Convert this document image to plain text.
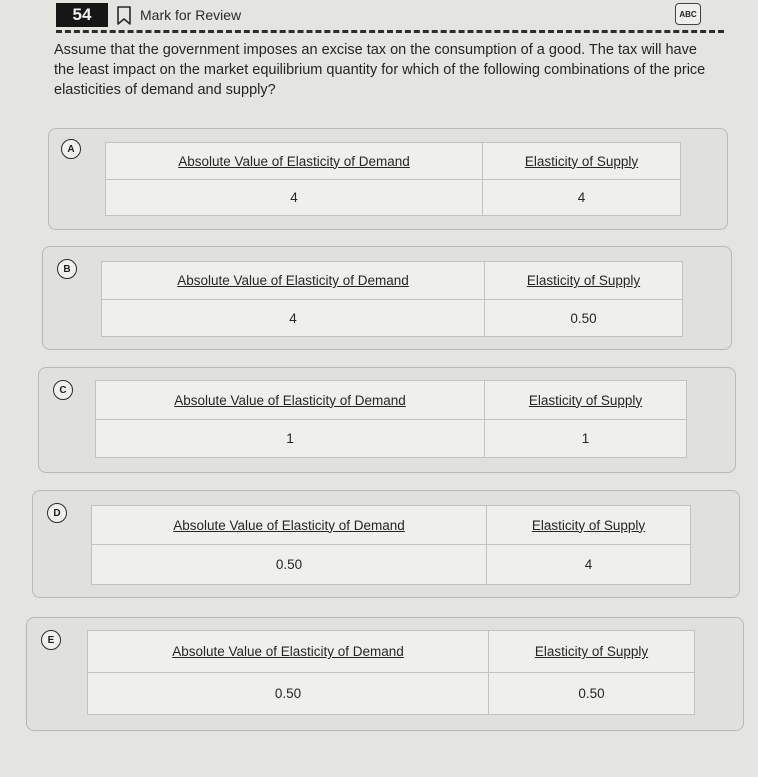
54	Mark for Review	ABC
Assume that the government imposes an excise tax on the consumption of a good. The tax will have the least impact on the market equilibrium quantity for which of the following combinations of the price elasticities of demand and supply?
A
Absolute Value of Elasticity of Demand	Elasticity of Supply
4	4
B
Absolute Value of Elasticity of Demand	Elasticity of Supply
4	0.50
C
Absolute Value of Elasticity of Demand	Elasticity of Supply
1	1
D
Absolute Value of Elasticity of Demand	Elasticity of Supply
0.50	4
E
Absolute Value of Elasticity of Demand	Elasticity of Supply
0.50	0.50
